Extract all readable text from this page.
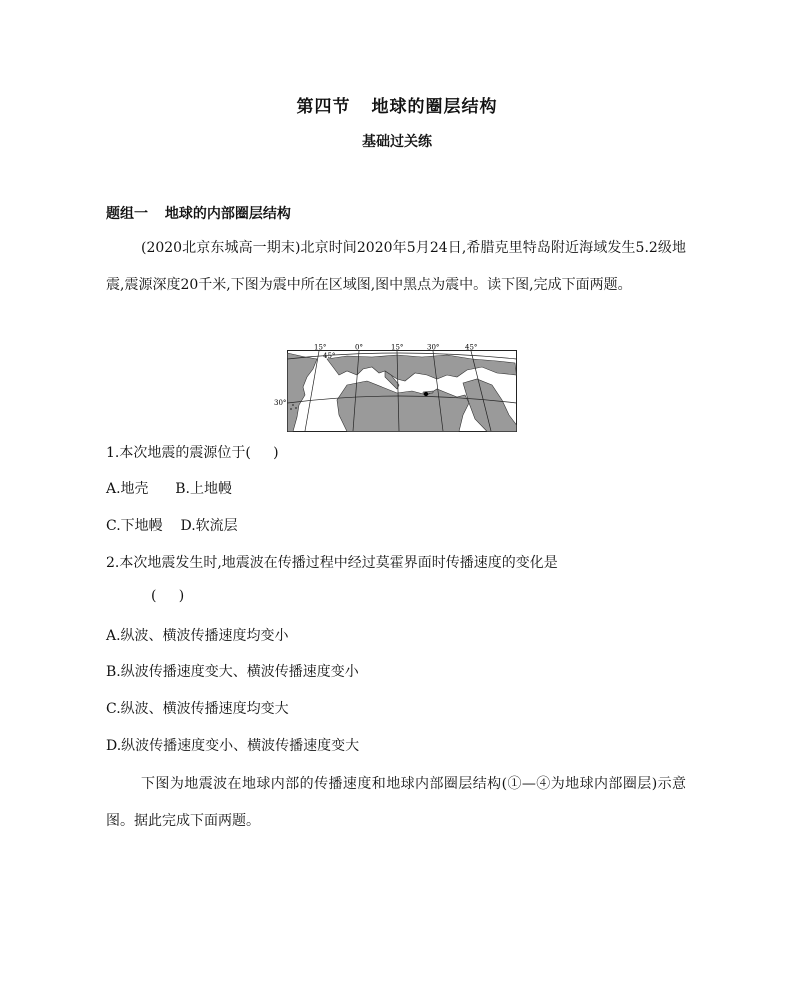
第四节 地球的圈层结构
基础过关练
题组一 地球的内部圈层结构

(2020北京东城高一期末)北京时间2020年5月24日,希腊克里特岛附近海域发生5.2级地震,震源深度20千米,下图为震中所在区域图,图中黑点为震中。读下图,完成下面两题。

15°	0°	15°	30°	45°
45°
30°
1.本次地震的震源位于(     )
A.地壳      B.上地幔
C.下地幔    D.软流层
2.本次地震发生时,地震波在传播过程中经过莫霍界面时传播速度的变化是
(     )
A.纵波、横波传播速度均变小
B.纵波传播速度变大、横波传播速度变小
C.纵波、横波传播速度均变大
D.纵波传播速度变小、横波传播速度变大

下图为地震波在地球内部的传播速度和地球内部圈层结构(①—④为地球内部圈层)示意图。据此完成下面两题。
